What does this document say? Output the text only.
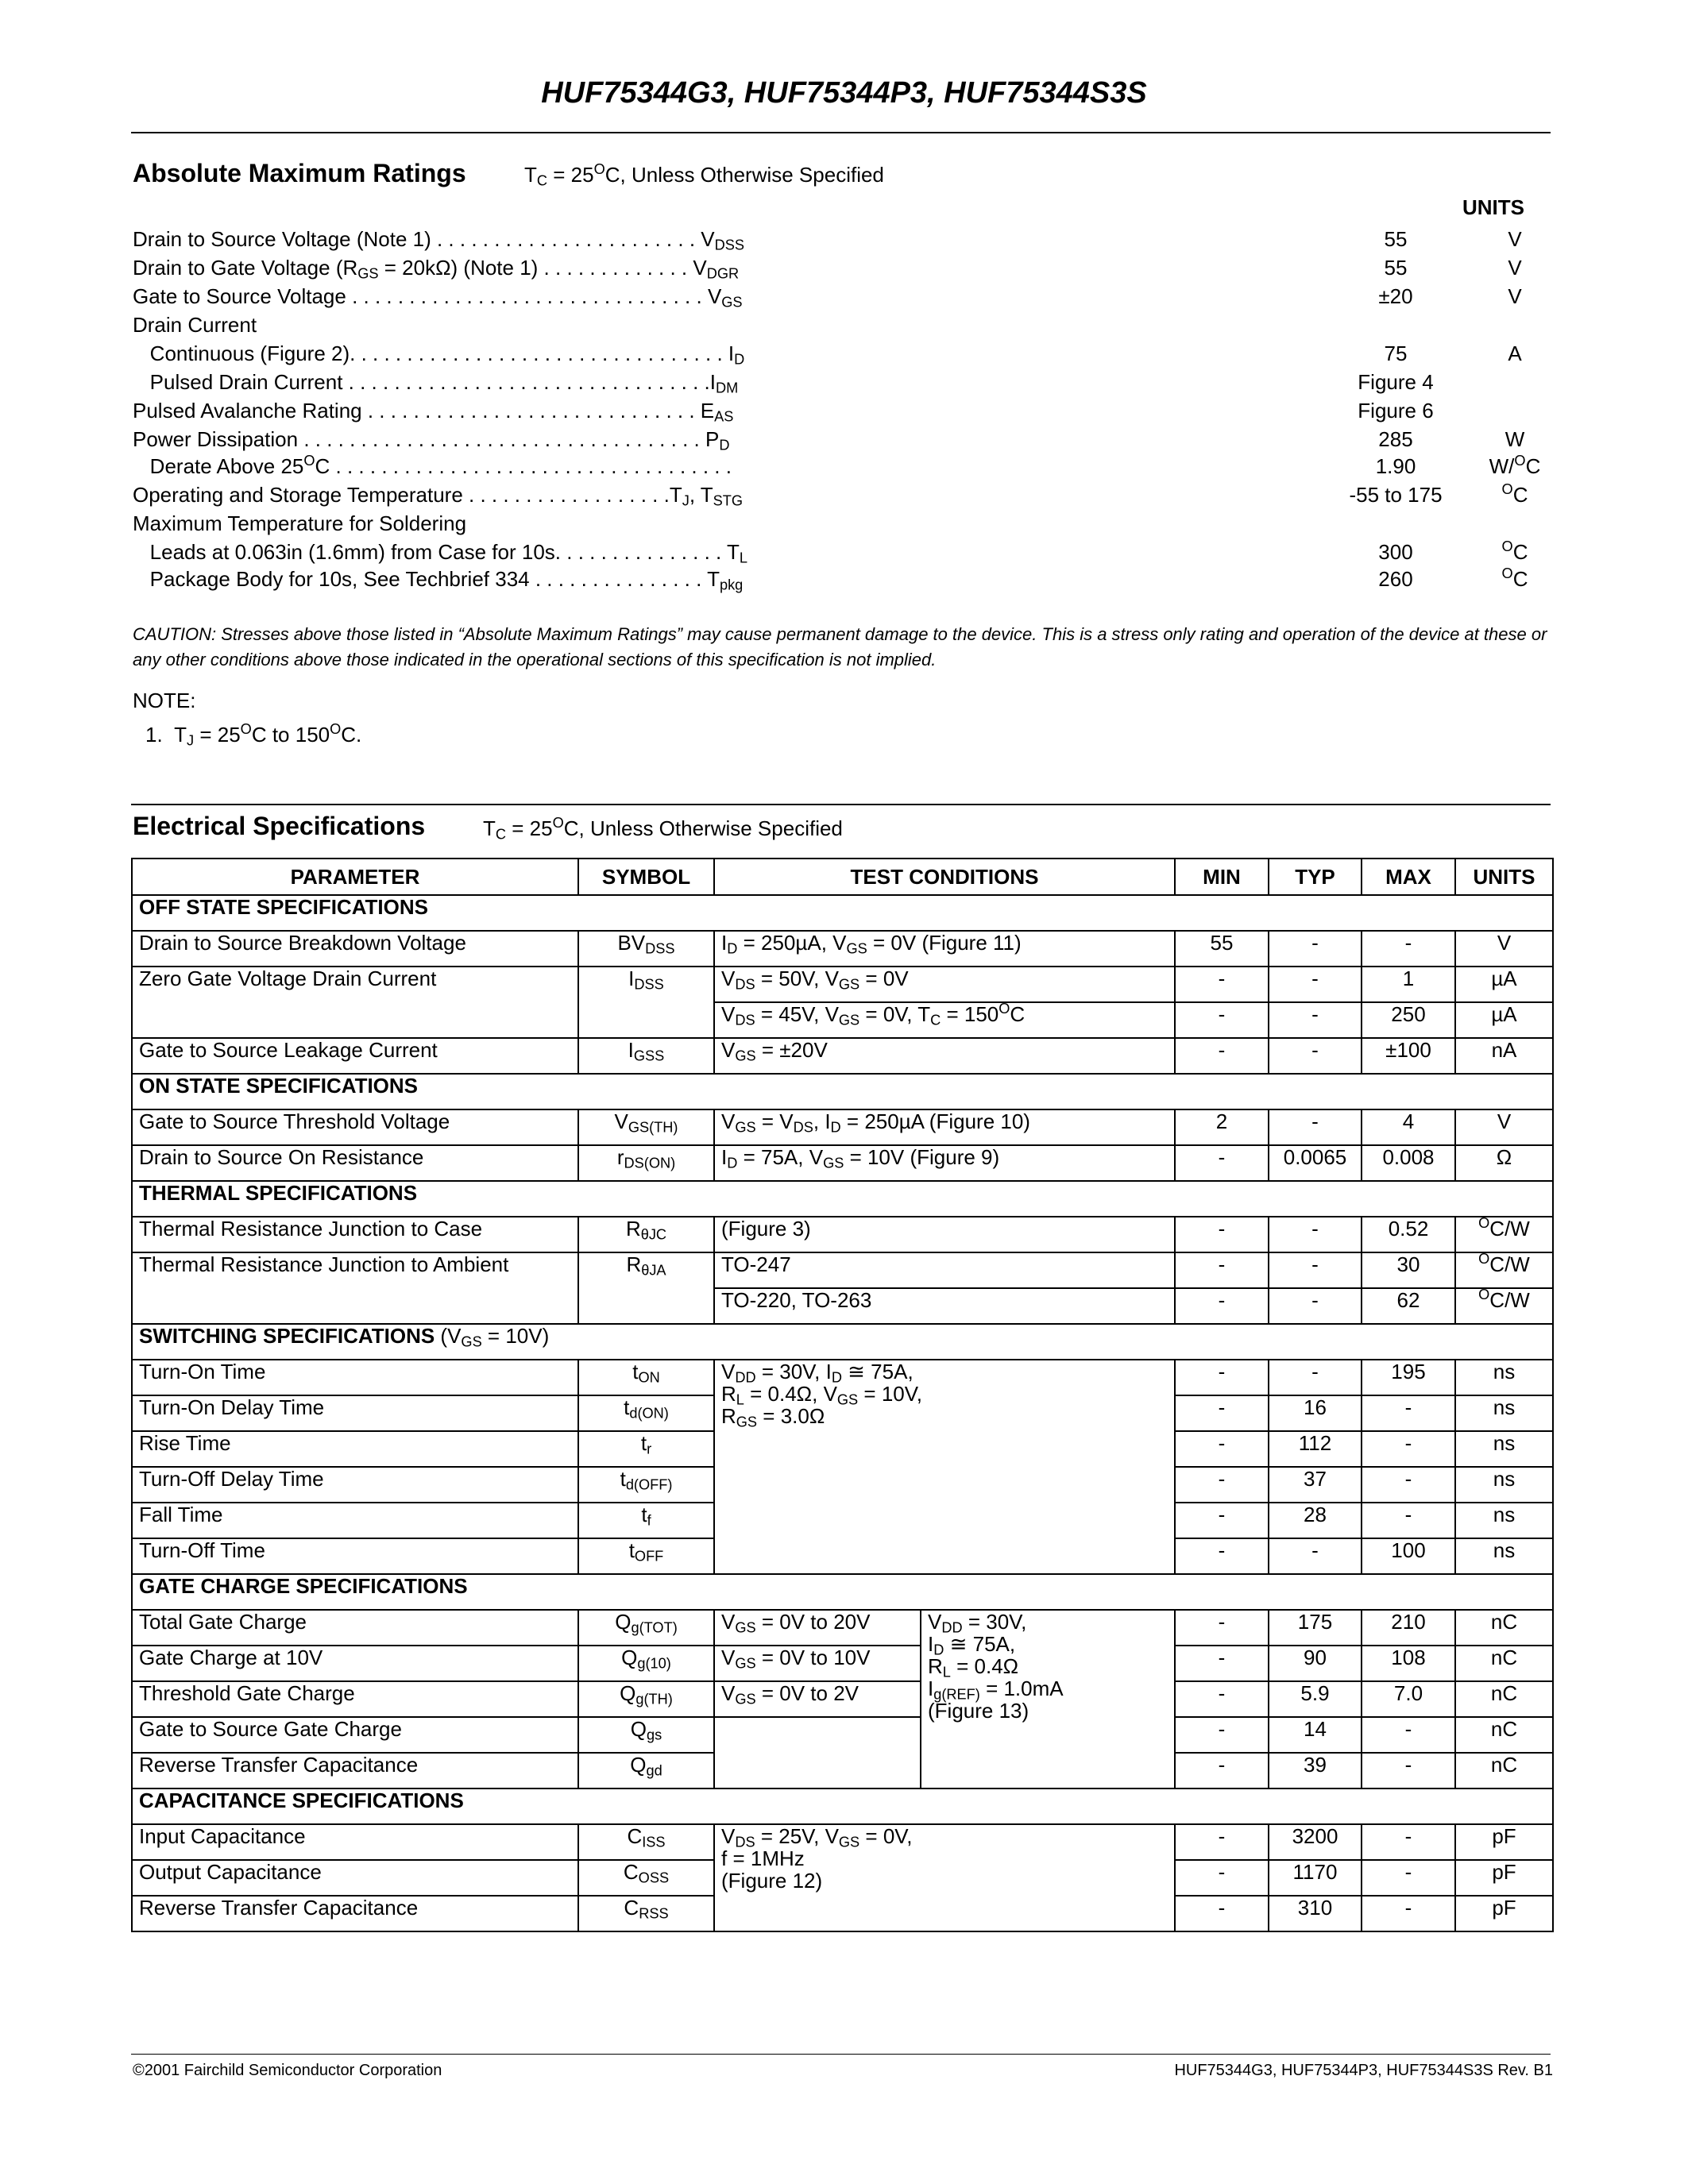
HUF75344G3, HUF75344P3, HUF75344S3S
Absolute Maximum Ratings	$T_C = 25^OC$, Unless Otherwise Specified
UNITS
Drain to Source Voltage (Note 1) . . . . . . . . . . . . . . . . . . . . . . . $V_{DSS}$	55	V
Drain to Gate Voltage $(R_{GS} = 20k\Omega)$ (Note 1) . . . . . . . . . . . . . $V_{DGR}$	55	V
Gate to Source Voltage . . . . . . . . . . . . . . . . . . . . . . . . . . . . . . . $V_{GS}$	±20	V
Drain Current
Continuous (Figure 2). . . . . . . . . . . . . . . . . . . . . . . . . . . . . . . . . $I_D$	75	A
Pulsed Drain Current . . . . . . . . . . . . . . . . . . . . . . . . . . . . . . . $.I_{DM}$	Figure 4
Pulsed Avalanche Rating . . . . . . . . . . . . . . . . . . . . . . . . . . . . . $E_{AS}$	Figure 6
Power Dissipation . . . . . . . . . . . . . . . . . . . . . . . . . . . . . . . . . . . $P_D$	285	W
Derate Above $25^OC$ . . . . . . . . . . . . . . . . . . . . . . . . . . . . . . . . . . .	1.90	W/$^O$C
Operating and Storage Temperature . . . . . . . . . . . . . . . . . $.T_J$, $T_{STG}$	-55 to 175	$^O$C
Maximum Temperature for Soldering
Leads at 0.063in (1.6mm) from Case for 10s. . . . . . . . . . . . . . . $T_L$	300	$^O$C
Package Body for 10s, See Techbrief 334 . . . . . . . . . . . . . . . $T_{pkg}$	260	$^O$C
CAUTION: Stresses above those listed in “Absolute Maximum Ratings” may cause permanent damage to the device. This is a stress only rating and operation of the device at these or any other conditions above those indicated in the operational sections of this specification is not implied.
NOTE:
1.  $T_J = 25^OC$ to $150^OC$.
Electrical Specifications	$T_C = 25^OC$, Unless Otherwise Specified
PARAMETER	SYMBOL	TEST CONDITIONS		MIN	TYP	MAX	UNITS
OFF STATE SPECIFICATIONS							
Drain to Source Breakdown Voltage	$BV_{DSS}$	$I_D = 250\mu A$, $V_{GS} = 0V$ (Figure 11)		55	-	-	V
Zero Gate Voltage Drain Current	$I_{DSS}$	$V_{DS} = 50V$, $V_{GS} = 0V$		-	-	1	µA
		$V_{DS} = 45V$, $V_{GS} = 0V$, $T_C = 150^OC$		-	-	250	µA
Gate to Source Leakage Current	$I_{GSS}$	$V_{GS} = \pm 20V$		-	-	±100	nA
ON STATE SPECIFICATIONS							
Gate to Source Threshold Voltage	$V_{GS(TH)}$	$V_{GS} = V_{DS}$, $I_D = 250\mu A$ (Figure 10)		2	-	4	V
Drain to Source On Resistance	$r_{DS(ON)}$	$I_D = 75A$, $V_{GS} = 10V$ (Figure 9)		-	0.0065	0.008	Ω
THERMAL SPECIFICATIONS							
Thermal Resistance Junction to Case	$R_{\theta JC}$	(Figure 3)		-	-	0.52	$^O$C/W
Thermal Resistance Junction to Ambient	$R_{\theta JA}$	TO-247		-	-	30	$^O$C/W
		TO-220, TO-263		-	-	62	$^O$C/W
SWITCHING SPECIFICATIONS $(V_{GS} = 10V)$							
Turn-On Time	$t_{ON}$	$V_{DD} = 30V$, $I_D$ ≅ 75A,
$R_L = 0.4\Omega$, $V_{GS} = 10V$,
$R_{GS} = 3.0\Omega$		-	-	195	ns
Turn-On Delay Time	$t_{d(ON)}$			-	16	-	ns
Rise Time	$t_r$			-	112	-	ns
Turn-Off Delay Time	$t_{d(OFF)}$			-	37	-	ns
Fall Time	$t_f$			-	28	-	ns
Turn-Off Time	$t_{OFF}$			-	-	100	ns
GATE CHARGE SPECIFICATIONS							
Total Gate Charge	$Q_{g(TOT)}$	$V_{GS} = 0V$ to 20V	$V_{DD} = 30V$,
$I_D$ ≅ 75A,
$R_L = 0.4\Omega$
$I_{g(REF)} = 1.0mA$
(Figure 13)	-	175	210	nC
Gate Charge at 10V	$Q_{g(10)}$	$V_{GS} = 0V$ to 10V		-	90	108	nC
Threshold Gate Charge	$Q_{g(TH)}$	$V_{GS} = 0V$ to 2V		-	5.9	7.0	nC
Gate to Source Gate Charge	$Q_{gs}$			-	14	-	nC
Reverse Transfer Capacitance	$Q_{gd}$			-	39	-	nC
CAPACITANCE SPECIFICATIONS							
Input Capacitance	$C_{ISS}$	$V_{DS} = 25V$, $V_{GS} = 0V$,
f = 1MHz
(Figure 12)		-	3200	-	pF
Output Capacitance	$C_{OSS}$			-	1170	-	pF
Reverse Transfer Capacitance	$C_{RSS}$			-	310	-	pF
©2001 Fairchild Semiconductor Corporation	HUF75344G3, HUF75344P3, HUF75344S3S Rev. B1
